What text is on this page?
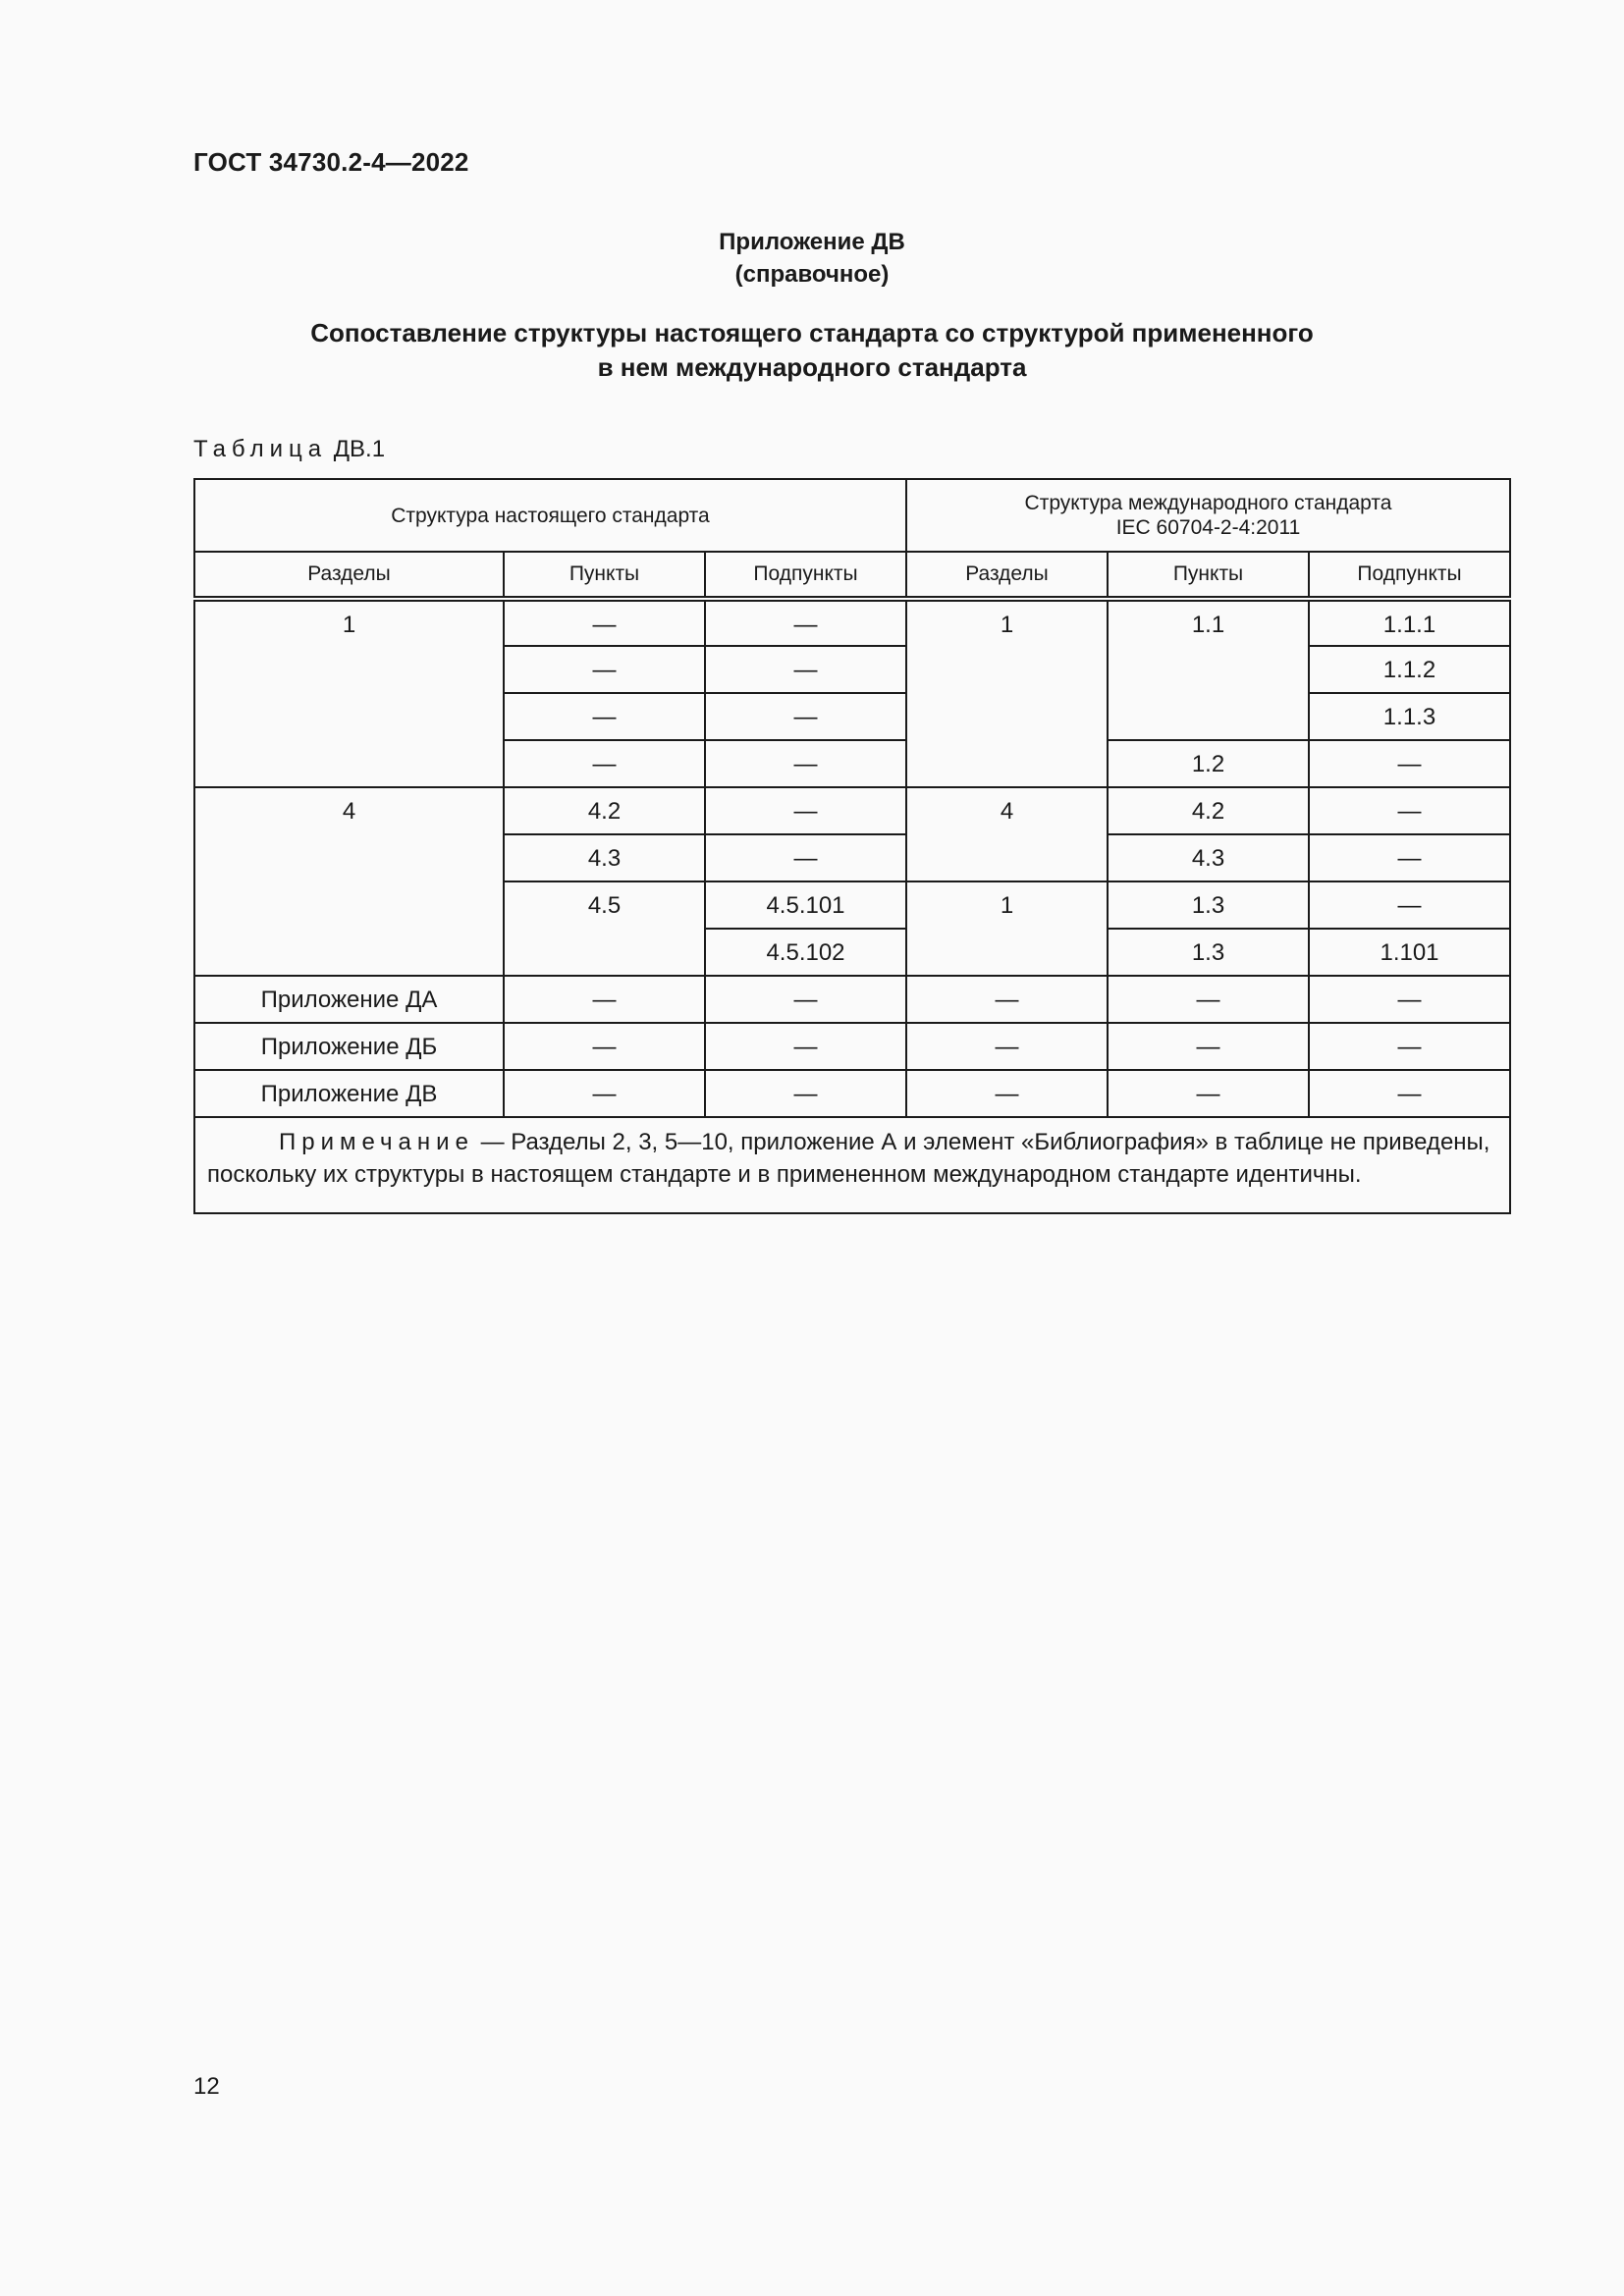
ГОСТ 34730.2-4—2022
Приложение ДВ
(справочное)
Сопоставление структуры настоящего стандарта со структурой примененного
в нем международного стандарта
Таблица ДВ.1
Структура настоящего стандарта			Структура международного стандарта
IEC 60704-2-4:2011		

Разделы	Пункты	Подпункты	Разделы	Пункты	Подпункты
1	—	—	1	1.1	1.1.1
	—	—			1.1.2
	—	—			1.1.3
	—	—		1.2	—
4	4.2	—	4	4.2	—
	4.3	—		4.3	—
	4.5	4.5.101	1	1.3	—
		4.5.102		1.3	1.101
Приложение ДА	—	—	—	—	—
Приложение ДБ	—	—	—	—	—
Приложение ДВ	—	—	—	—	—
Примечание — Разделы 2, 3, 5—10, приложение А и элемент «Библиография» в таблице не приведены, поскольку их структуры в настоящем стандарте и в примененном международном стандарте идентичны.					
12
